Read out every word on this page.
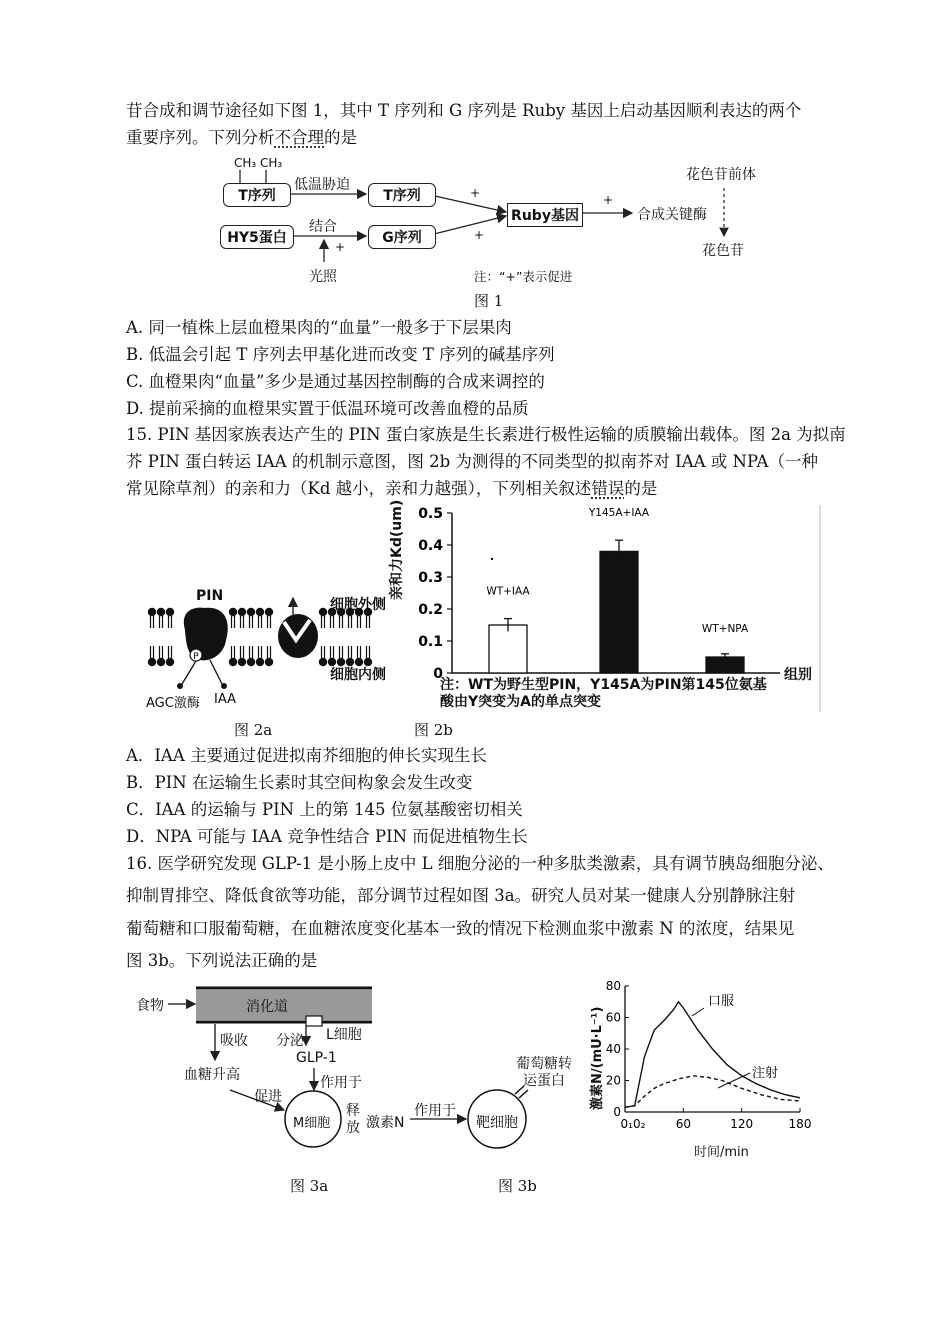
苷合成和调节途径如下图 1，其中 T 序列和 G 序列是 Ruby 基因上启动基因顺利表达的两个
重要序列。下列分析不合理的是
CH₃ CH₃
T序列
低温胁迫
T序列
HY5蛋白
结合
+
G序列
光照
+
+
Ruby基因
+
合成关键酶
花色苷前体
花色苷
注：“+”表示促进
图 1
A. 同一植株上层血橙果肉的“血量”一般多于下层果肉
B. 低温会引起 T 序列去甲基化进而改变 T 序列的碱基序列
C. 血橙果肉“血量”多少是通过基因控制酶的合成来调控的
D. 提前采摘的血橙果实置于低温环境可改善血橙的品质
15. PIN 基因家族表达产生的 PIN 蛋白家族是生长素进行极性运输的质膜输出载体。图 2a 为拟南
芥 PIN 蛋白转运 IAA 的机制示意图，图 2b 为测得的不同类型的拟南芥对 IAA 或 NPA（一种
常见除草剂）的亲和力（Kd 越小，亲和力越强），下列相关叙述错误的是
P
PIN
细胞外侧
细胞内侧
AGC激酶 IAA
图 2a
0.5
0.4
0.3
0.2
0.1
0
WT+IAA
Y145A+IAA
WT+NPA
亲和力Kd(um)
组别
注：WT为野生型PIN，Y145A为PIN第145位氨基酸由Y突变为A的单点突变
图 2b
A．IAA 主要通过促进拟南芥细胞的伸长实现生长
B．PIN 在运输生长素时其空间构象会发生改变
C．IAA 的运输与 PIN 上的第 145 位氨基酸密切相关
D．NPA 可能与 IAA 竞争性结合 PIN 而促进植物生长
16. 医学研究发现 GLP-1 是小肠上皮中 L 细胞分泌的一种多肽类激素，具有调节胰岛细胞分泌、
抑制胃排空、降低食欲等功能，部分调节过程如图 3a。研究人员对某一健康人分别静脉注射
葡萄糖和口服葡萄糖，在血糖浓度变化基本一致的情况下检测血浆中激素 N 的浓度，结果见
图 3b。下列说法正确的是
食物	消化道
吸收 分泌 L细胞
GLP-1
作用于
血糖升高
促进
M细胞
释放 激素N
作用于
靶细胞
葡萄糖转运蛋白
图 3a
0
20
40
60
80
0₁0₂	60	120	180
口服
注射
激素N/(mU·L⁻¹)
时间/min
图 3b
